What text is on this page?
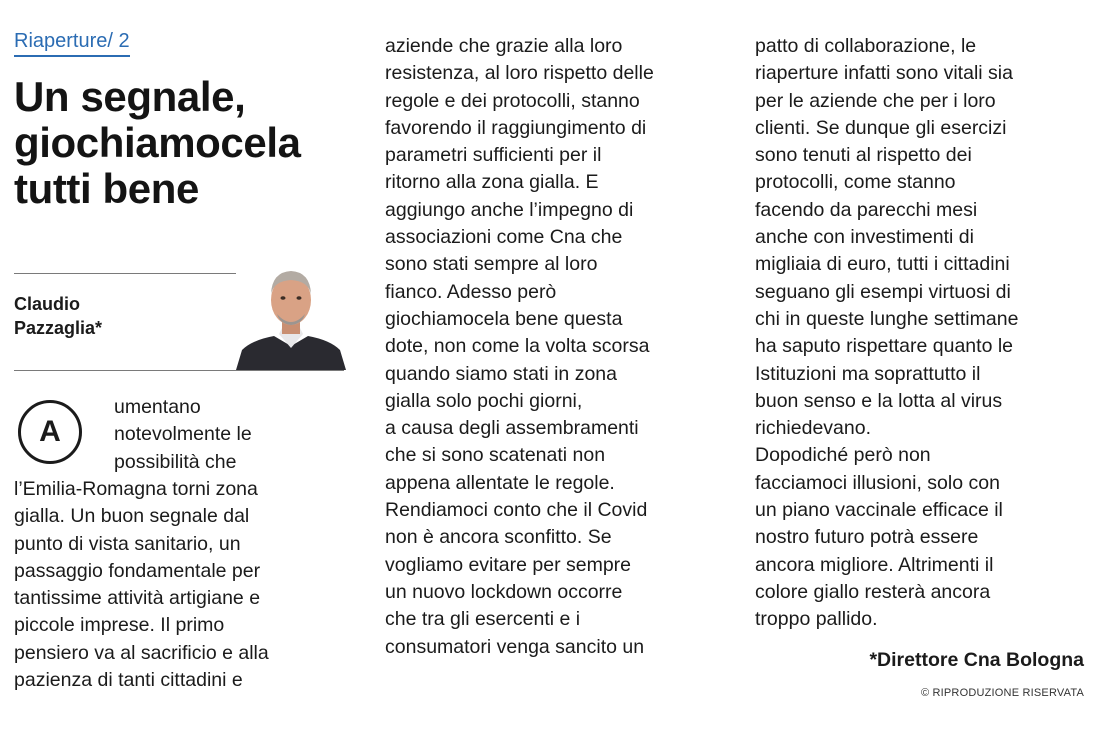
Riaperture/ 2
Un segnale,
giochiamocela
tutti bene
Claudio
Pazzaglia*
A
umentano
notevolmente le
possibilità che
l’Emilia-Romagna torni zona
gialla. Un buon segnale dal
punto di vista sanitario, un
passaggio fondamentale per
tantissime attività artigiane e
piccole imprese. Il primo
pensiero va al sacrificio e alla
pazienza di tanti cittadini e
aziende che grazie alla loro
resistenza, al loro rispetto delle
regole e dei protocolli, stanno
favorendo il raggiungimento di
parametri sufficienti per il
ritorno alla zona gialla. E
aggiungo anche l’impegno di
associazioni come Cna che
sono stati sempre al loro
fianco. Adesso però
giochiamocela bene questa
dote, non come la volta scorsa
quando siamo stati in zona
gialla solo pochi giorni,
a causa degli assembramenti
che si sono scatenati non
appena allentate le regole.
Rendiamoci conto che il Covid
non è ancora sconfitto. Se
vogliamo evitare per sempre
un nuovo lockdown occorre
che tra gli esercenti e i
consumatori venga sancito un
patto di collaborazione, le
riaperture infatti sono vitali sia
per le aziende che per i loro
clienti. Se dunque gli esercizi
sono tenuti al rispetto dei
protocolli, come stanno
facendo da parecchi mesi
anche con investimenti di
migliaia di euro, tutti i cittadini
seguano gli esempi virtuosi di
chi in queste lunghe settimane
ha saputo rispettare quanto le
Istituzioni ma soprattutto il
buon senso e la lotta al virus
richiedevano.
Dopodiché però non
facciamoci illusioni, solo con
un piano vaccinale efficace il
nostro futuro potrà essere
ancora migliore. Altrimenti il
colore giallo resterà ancora
troppo pallido.
*Direttore Cna Bologna
© RIPRODUZIONE RISERVATA
